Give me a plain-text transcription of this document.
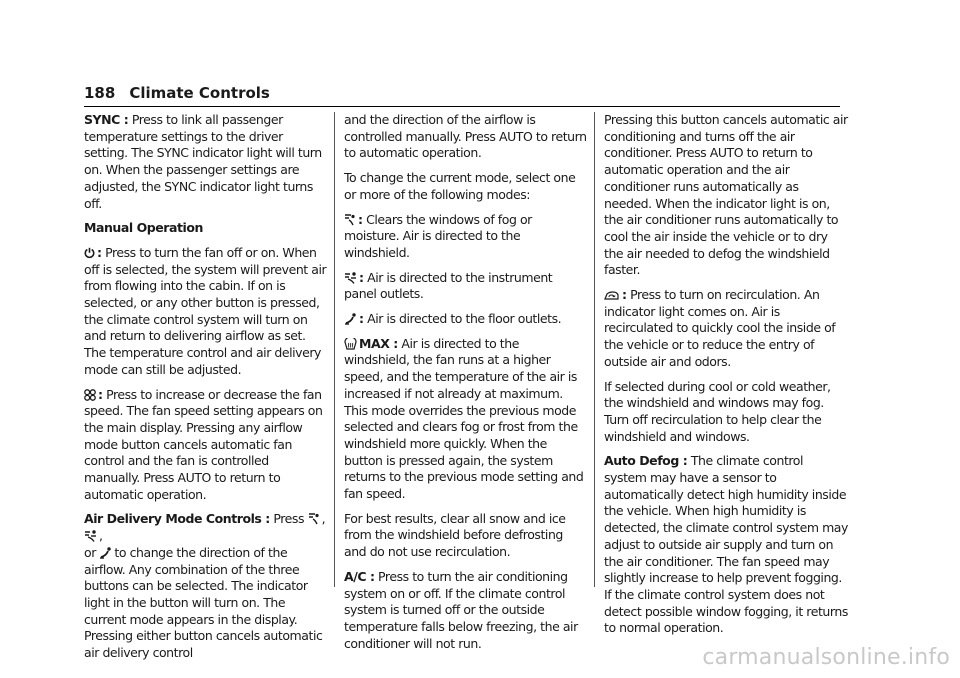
188 Climate Controls

SYNC : Press to link all passenger temperature settings to the driver setting. The SYNC indicator light will turn on. When the passenger settings are adjusted, the SYNC indicator light turns off.

Manual Operation

: Press to turn the fan off or on. When off is selected, the system will prevent air from flowing into the cabin. If on is selected, or any other button is pressed, the climate control system will turn on and return to delivering airflow as set. The temperature control and air delivery mode can still be adjusted.

: Press to increase or decrease the fan speed. The fan speed setting appears on the main display. Pressing any airflow mode button cancels automatic fan control and the fan is controlled manually. Press AUTO to return to automatic operation.

Air Delivery Mode Controls : Press ,
,
or to change the direction of the airflow. Any combination of the three buttons can be selected. The indicator light in the button will turn on. The current mode appears in the display. Pressing either button cancels automatic air delivery control

and the direction of the airflow is controlled manually. Press AUTO to return to automatic operation.

To change the current mode, select one or more of the following modes:

: Clears the windows of fog or moisture. Air is directed to the windshield.

: Air is directed to the instrument panel outlets.

: Air is directed to the floor outlets.

MAX : Air is directed to the windshield, the fan runs at a higher speed, and the temperature of the air is increased if not already at maximum. This mode overrides the previous mode selected and clears fog or frost from the windshield more quickly. When the button is pressed again, the system returns to the previous mode setting and fan speed.

For best results, clear all snow and ice from the windshield before defrosting and do not use recirculation.

A/C : Press to turn the air conditioning system on or off. If the climate control system is turned off or the outside temperature falls below freezing, the air conditioner will not run.

Pressing this button cancels automatic air conditioning and turns off the air conditioner. Press AUTO to return to automatic operation and the air conditioner runs automatically as needed. When the indicator light is on, the air conditioner runs automatically to cool the air inside the vehicle or to dry the air needed to defog the windshield faster.

: Press to turn on recirculation. An indicator light comes on. Air is recirculated to quickly cool the inside of the vehicle or to reduce the entry of outside air and odors.

If selected during cool or cold weather, the windshield and windows may fog. Turn off recirculation to help clear the windshield and windows.

Auto Defog : The climate control system may have a sensor to automatically detect high humidity inside the vehicle. When high humidity is detected, the climate control system may adjust to outside air supply and turn on the air conditioner. The fan speed may slightly increase to help prevent fogging. If the climate control system does not detect possible window fogging, it returns to normal operation.

carmanualsonline.info
